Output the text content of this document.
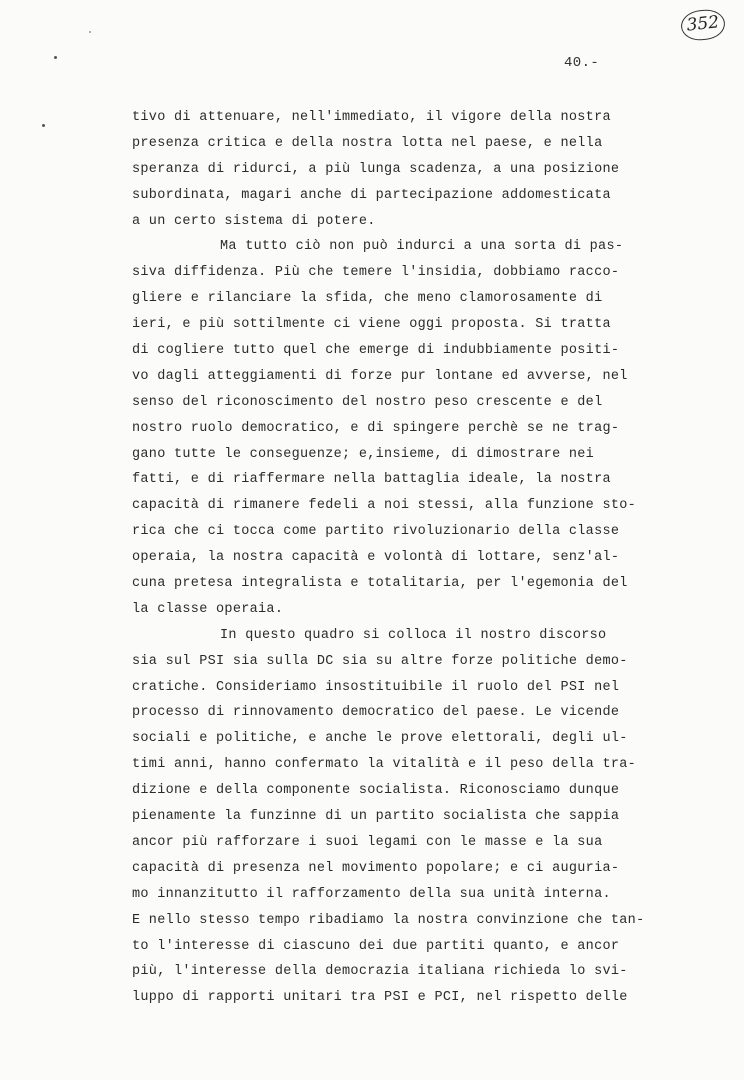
352
40.-
tivo di attenuare, nell'immediato, il vigore della nostra
presenza critica e della nostra lotta nel paese, e nella
speranza di ridurci, a più lunga scadenza, a una posizione
subordinata, magari anche di partecipazione addomesticata
a un certo sistema di potere.
Ma tutto ciò non può indurci a una sorta di pas-
siva diffidenza. Più che temere l'insidia, dobbiamo racco-
gliere e rilanciare la sfida, che meno clamorosamente di
ieri, e più sottilmente ci viene oggi proposta. Si tratta
di cogliere tutto quel che emerge di indubbiamente positi-
vo dagli atteggiamenti di forze pur lontane ed avverse, nel
senso del riconoscimento del nostro peso crescente e del
nostro ruolo democratico, e di spingere perchè se ne trag-
gano tutte le conseguenze; e,insieme, di dimostrare nei
fatti, e di riaffermare nella battaglia ideale, la nostra
capacità di rimanere fedeli a noi stessi, alla funzione sto-
rica che ci tocca come partito rivoluzionario della classe
operaia, la nostra capacità e volontà di lottare, senz'al-
cuna pretesa integralista e totalitaria, per l'egemonia del
la classe operaia.
In questo quadro si colloca il nostro discorso
sia sul PSI sia sulla DC sia su altre forze politiche demo-
cratiche. Consideriamo insostituibile il ruolo del PSI nel
processo di rinnovamento democratico del paese. Le vicende
sociali e politiche, e anche le prove elettorali, degli ul-
timi anni, hanno confermato la vitalità e il peso della tra-
dizione e della componente socialista. Riconosciamo dunque
pienamente la funzinne di un partito socialista che sappia
ancor più rafforzare i suoi legami con le masse e la sua
capacità di presenza nel movimento popolare; e ci auguria-
mo innanzitutto il rafforzamento della sua unità interna.
E nello stesso tempo ribadiamo la nostra convinzione che tan-
to l'interesse di ciascuno dei due partiti quanto, e ancor
più, l'interesse della democrazia italiana richieda lo svi-
luppo di rapporti unitari tra PSI e PCI, nel rispetto delle
